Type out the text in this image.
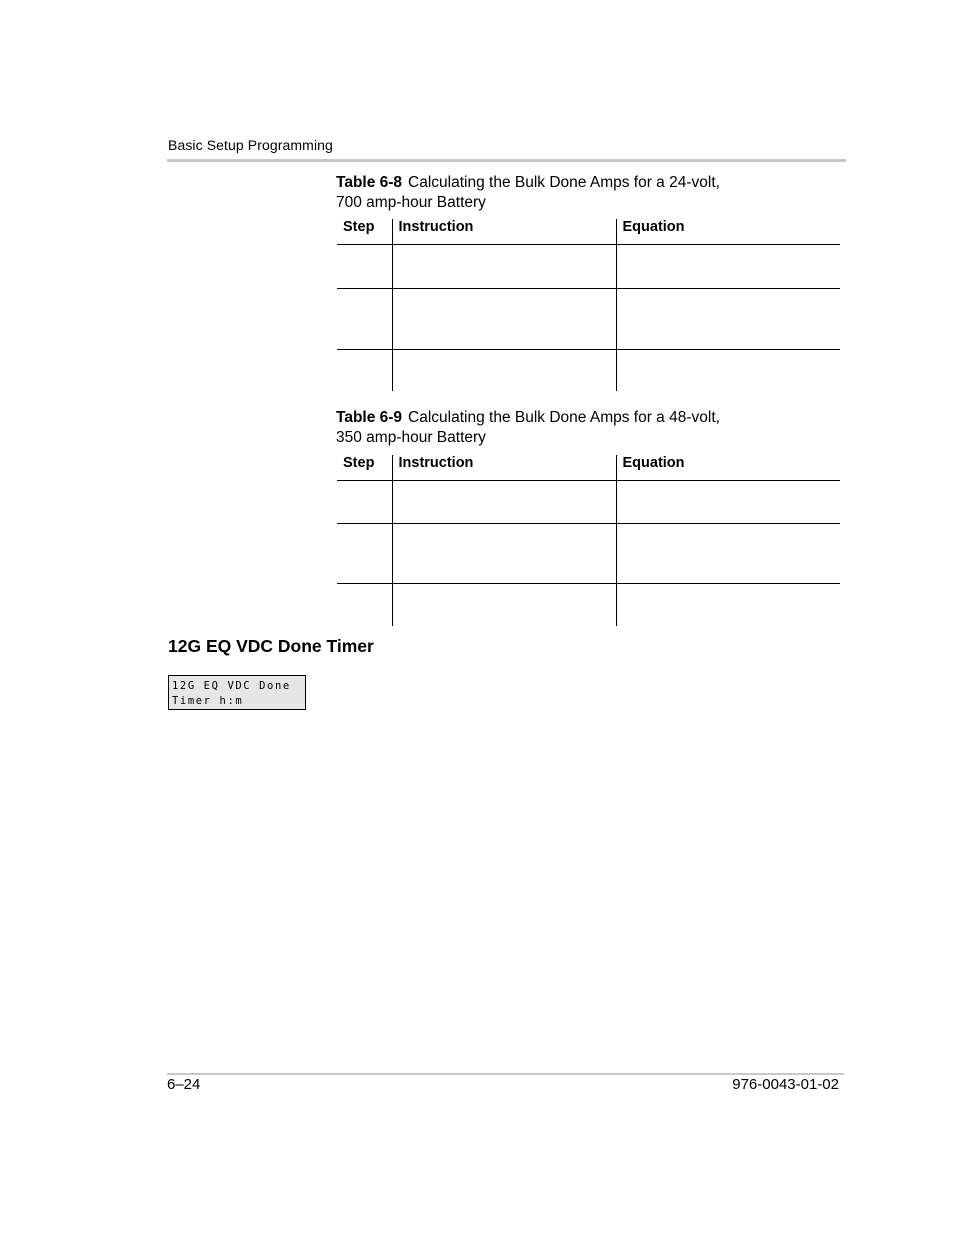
Basic Setup Programming
Table 6-8 Calculating the Bulk Done Amps for a 24-volt,
700 amp-hour Battery
Step	Instruction	Equation

Table 6-9 Calculating the Bulk Done Amps for a 48-volt,
350 amp-hour Battery
Step	Instruction	Equation

12G EQ VDC Done Timer
12G EQ VDC Done
Timer h:m
6–24	976-0043-01-02
